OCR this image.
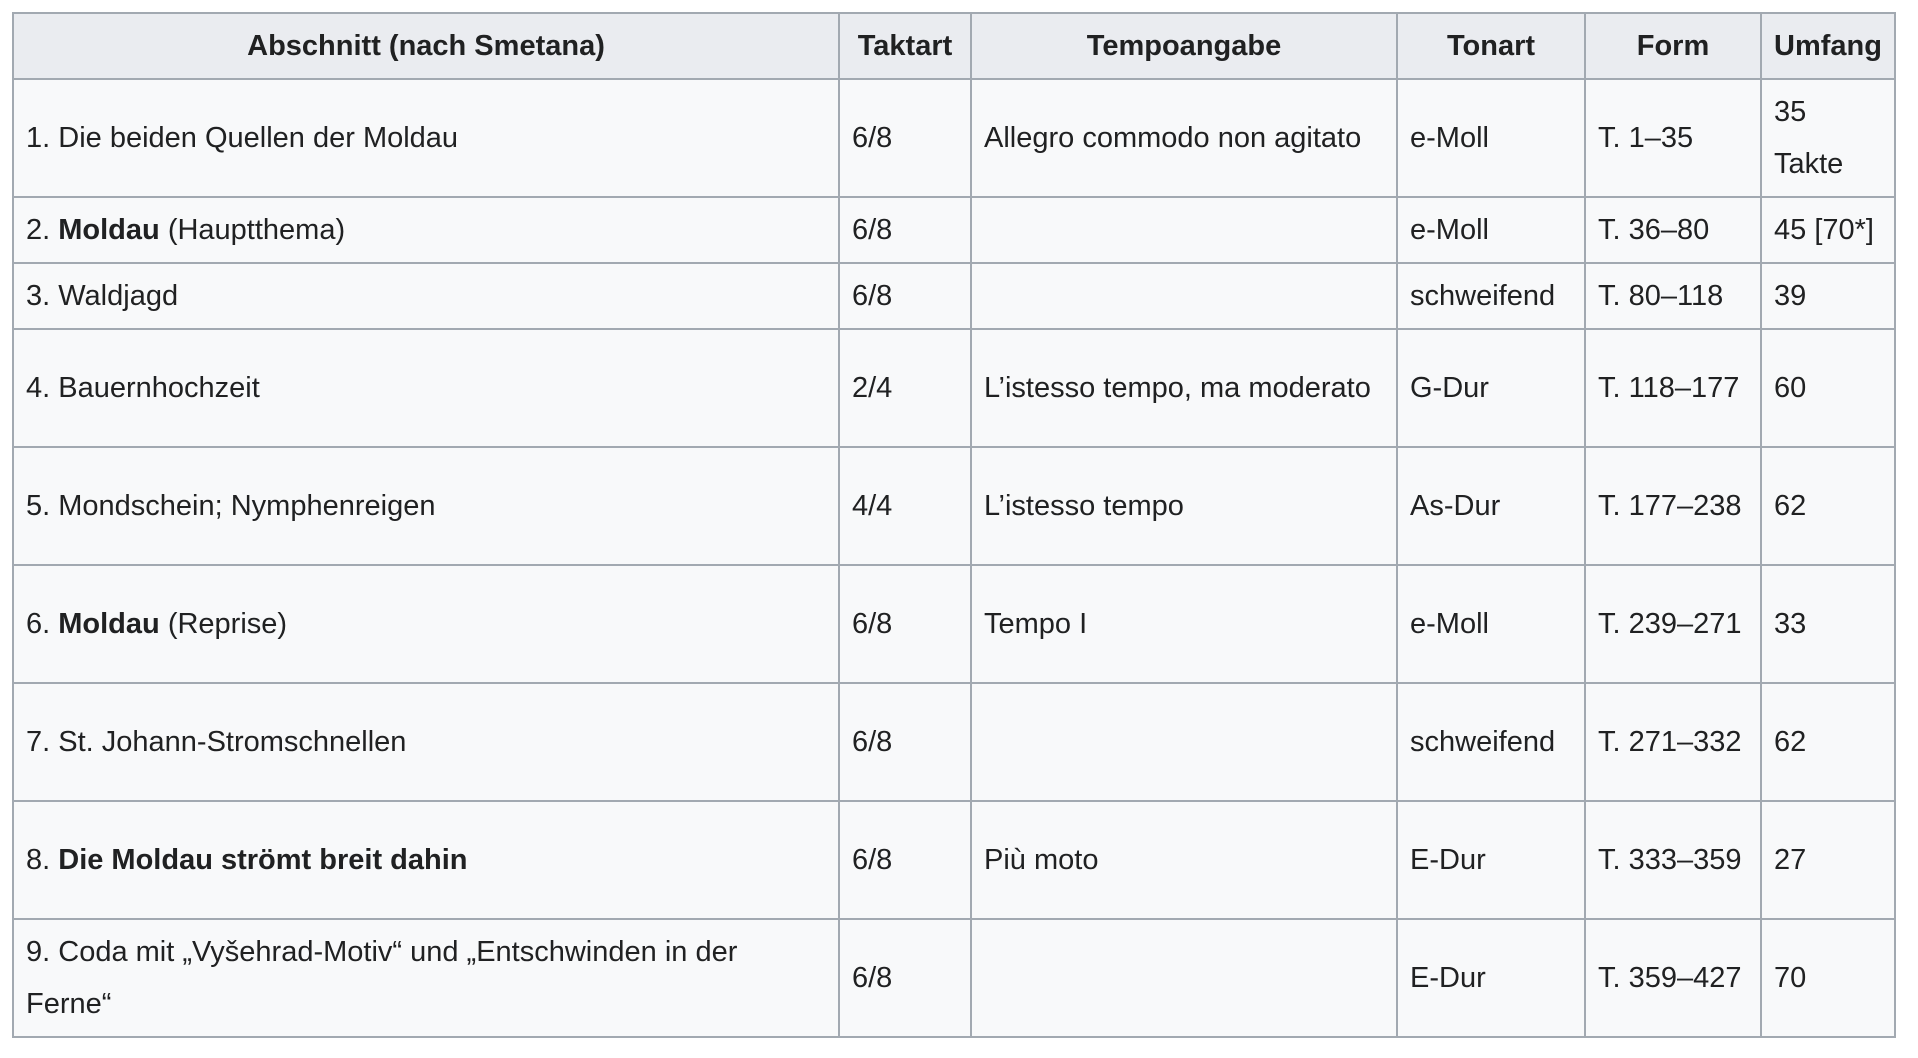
Abschnitt (nach Smetana)	Taktart	Tempoangabe	Tonart	Form	Umfang
1. Die beiden Quellen der Moldau	6/8	Allegro commodo non agitato	e-Moll	T. 1–35	35 Takte
2. Moldau (Hauptthema)	6/8		e-Moll	T. 36–80	45 [70*]
3. Waldjagd	6/8		schweifend	T. 80–118	39
4. Bauernhochzeit	2/4	L’istesso tempo, ma moderato	G-Dur	T. 118–177	60
5. Mondschein; Nymphenreigen	4/4	L’istesso tempo	As-Dur	T. 177–238	62
6. Moldau (Reprise)	6/8	Tempo I	e-Moll	T. 239–271	33
7. St. Johann-Stromschnellen	6/8		schweifend	T. 271–332	62
8. Die Moldau strömt breit dahin	6/8	Più moto	E-Dur	T. 333–359	27
9. Coda mit „Vyšehrad-Motiv“ und „Entschwinden in der Ferne“	6/8		E-Dur	T. 359–427	70
